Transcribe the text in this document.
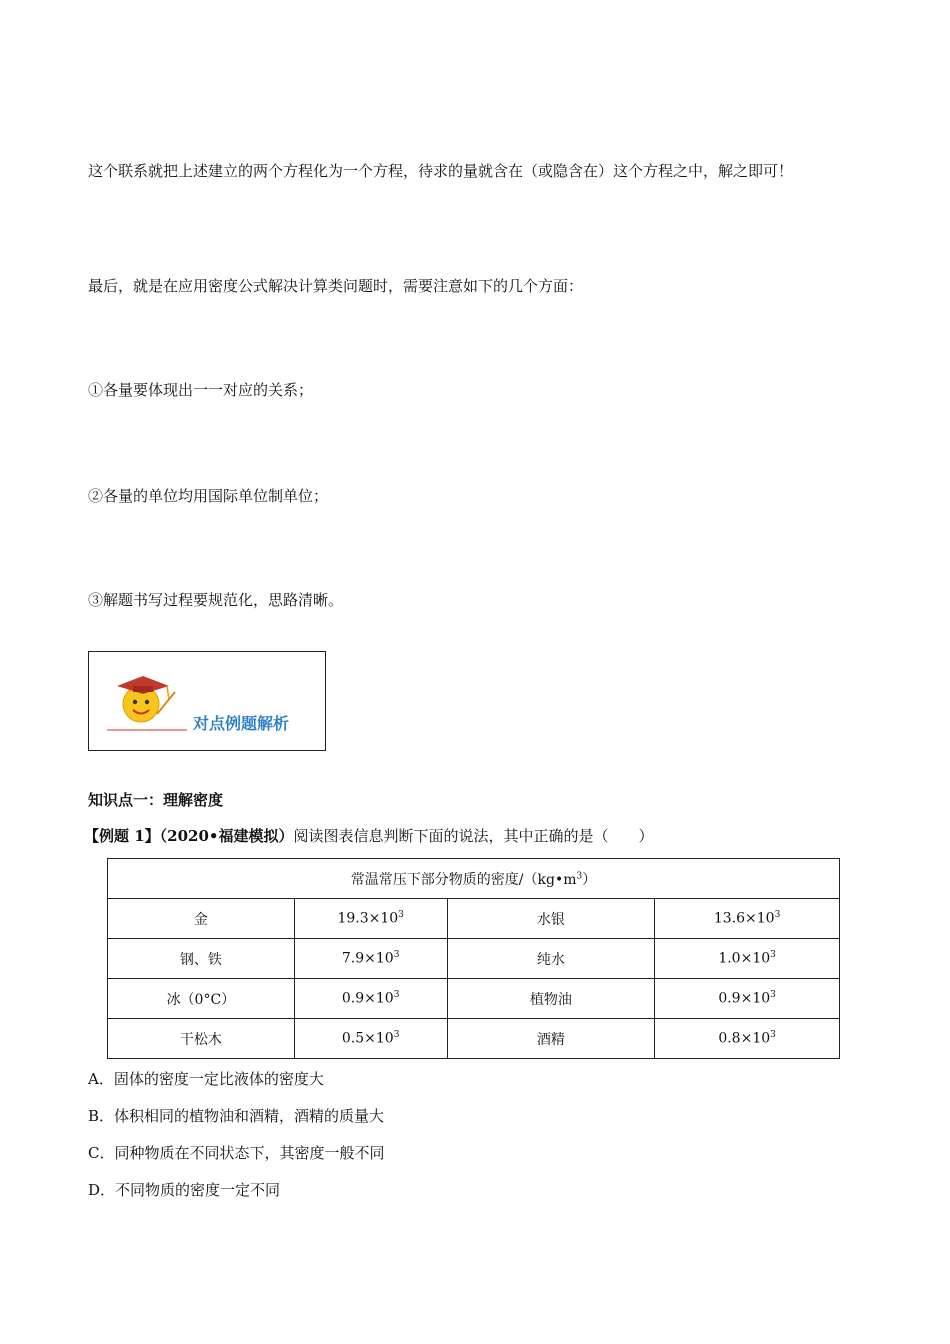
这个联系就把上述建立的两个方程化为一个方程，待求的量就含在（或隐含在）这个方程之中，解之即可！
最后，就是在应用密度公式解决计算类问题时，需要注意如下的几个方面：
①各量要体现出一一对应的关系；
②各量的单位均用国际单位制单位；
③解题书写过程要规范化，思路清晰。
对点例题解析
知识点一：理解密度
【例题 1】（2020•福建模拟）阅读图表信息判断下面的说法，其中正确的是（　　）
常温常压下部分物质的密度$/(kg•m^3)$			
金	$19.3\times 10^3$	水银	$13.6\times 10^3$
钢、铁	$7.9\times 10^3$	纯水	$1.0\times 10^3$
冰（0°C）	$0.9\times 10^3$	植物油	$0.9\times 10^3$
干松木	$0.5\times 10^3$	酒精	$0.8\times 10^3$
A．固体的密度一定比液体的密度大
B．体积相同的植物油和酒精，酒精的质量大
C．同种物质在不同状态下，其密度一般不同
D．不同物质的密度一定不同
